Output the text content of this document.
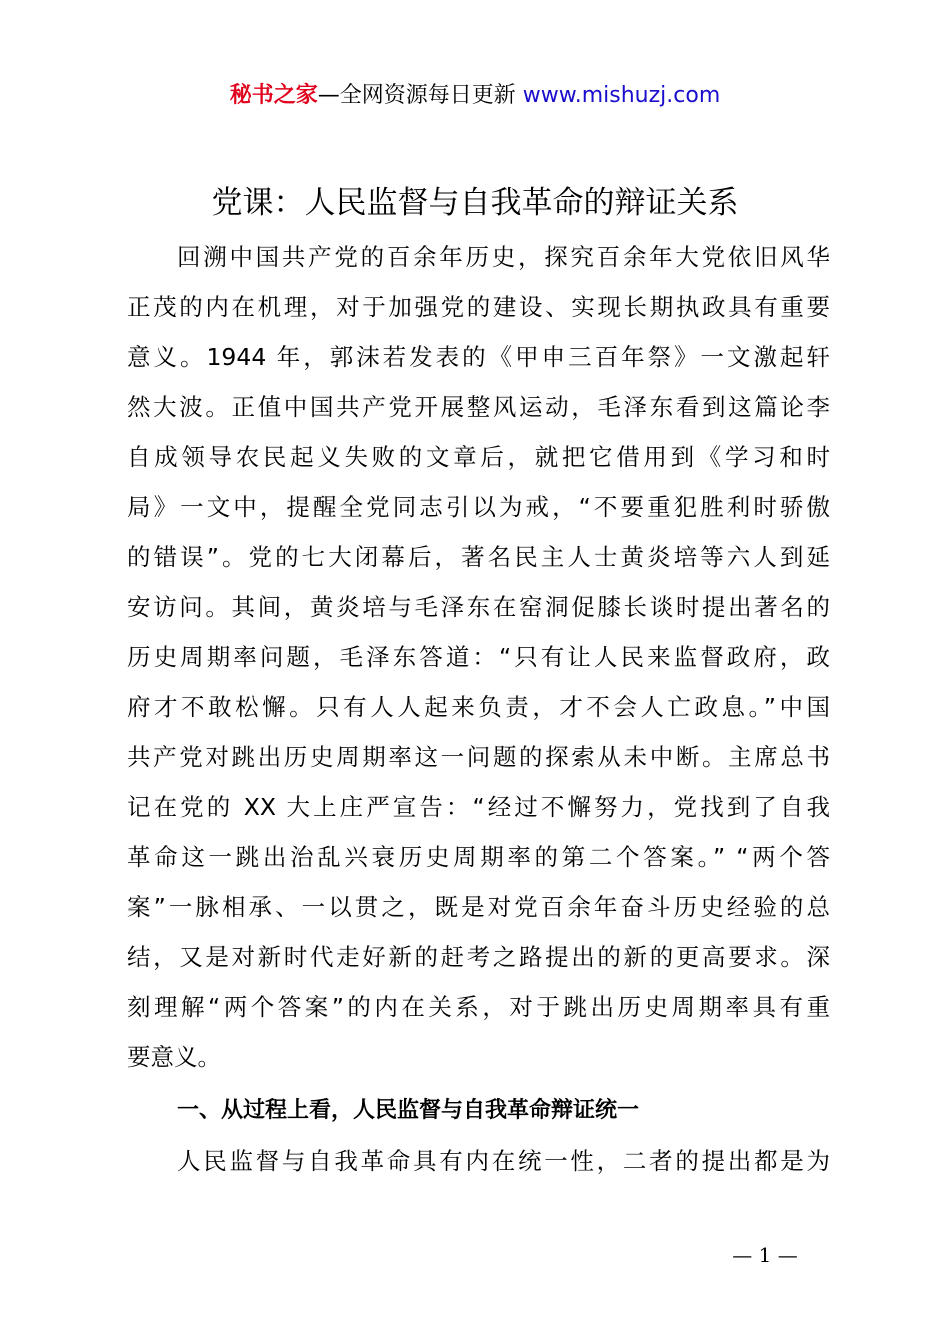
秘书之家—全网资源每日更新 www.mishuzj.com
党课：人民监督与自我革命的辩证关系
回溯中国共产党的百余年历史，探究百余年大党依旧风华
正茂的内在机理，对于加强党的建设、实现长期执政具有重要
意义。1944 年，郭沫若发表的《甲申三百年祭》一文激起轩
然大波。正值中国共产党开展整风运动，毛泽东看到这篇论李
自成领导农民起义失败的文章后，就把它借用到《学习和时
局》一文中，提醒全党同志引以为戒，“不要重犯胜利时骄傲
的错误”。党的七大闭幕后，著名民主人士黄炎培等六人到延
安访问。其间，黄炎培与毛泽东在窑洞促膝长谈时提出著名的
历史周期率问题，毛泽东答道：“只有让人民来监督政府，政
府才不敢松懈。只有人人起来负责，才不会人亡政息。”中国
共产党对跳出历史周期率这一问题的探索从未中断。主席总书
记在党的 XX 大上庄严宣告：“经过不懈努力，党找到了自我
革命这一跳出治乱兴衰历史周期率的第二个答案。” “两个答
案”一脉相承、一以贯之，既是对党百余年奋斗历史经验的总
结，又是对新时代走好新的赶考之路提出的新的更高要求。深
刻理解“两个答案”的内在关系，对于跳出历史周期率具有重
要意义。
一、从过程上看，人民监督与自我革命辩证统一
人民监督与自我革命具有内在统一性，二者的提出都是为
— 1 —
